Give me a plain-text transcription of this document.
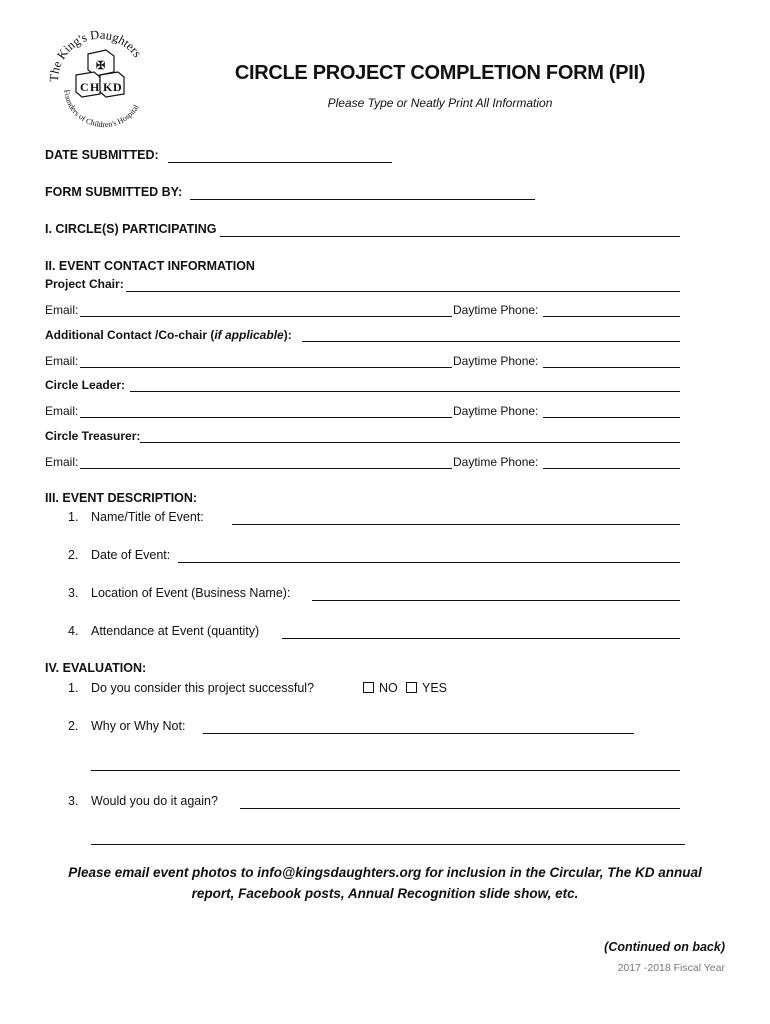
The King's Daughters
Founders of Children's Hospital
✠
C H K D
CIRCLE PROJECT COMPLETION FORM (PII)
Please Type or Neatly Print All Information
DATE SUBMITTED:
FORM SUBMITTED BY:
I. CIRCLE(S) PARTICIPATING
II. EVENT CONTACT INFORMATION
Project Chair:
Email:	Daytime Phone:
Additional Contact /Co-chair (if applicable):
Email:	Daytime Phone:
Circle Leader:
Email:	Daytime Phone:
Circle Treasurer:
Email:	Daytime Phone:
III. EVENT DESCRIPTION:
1. Name/Title of Event:
2. Date of Event:
3. Location of Event (Business Name):
4. Attendance at Event (quantity)
IV. EVALUATION:
1. Do you consider this project successful?	NO	YES
2. Why or Why Not:
3. Would you do it again?
Please email event photos to info@kingsdaughters.org for inclusion in the Circular, The KD annual
report, Facebook posts, Annual Recognition slide show, etc.
(Continued on back)
2017 -2018 Fiscal Year
